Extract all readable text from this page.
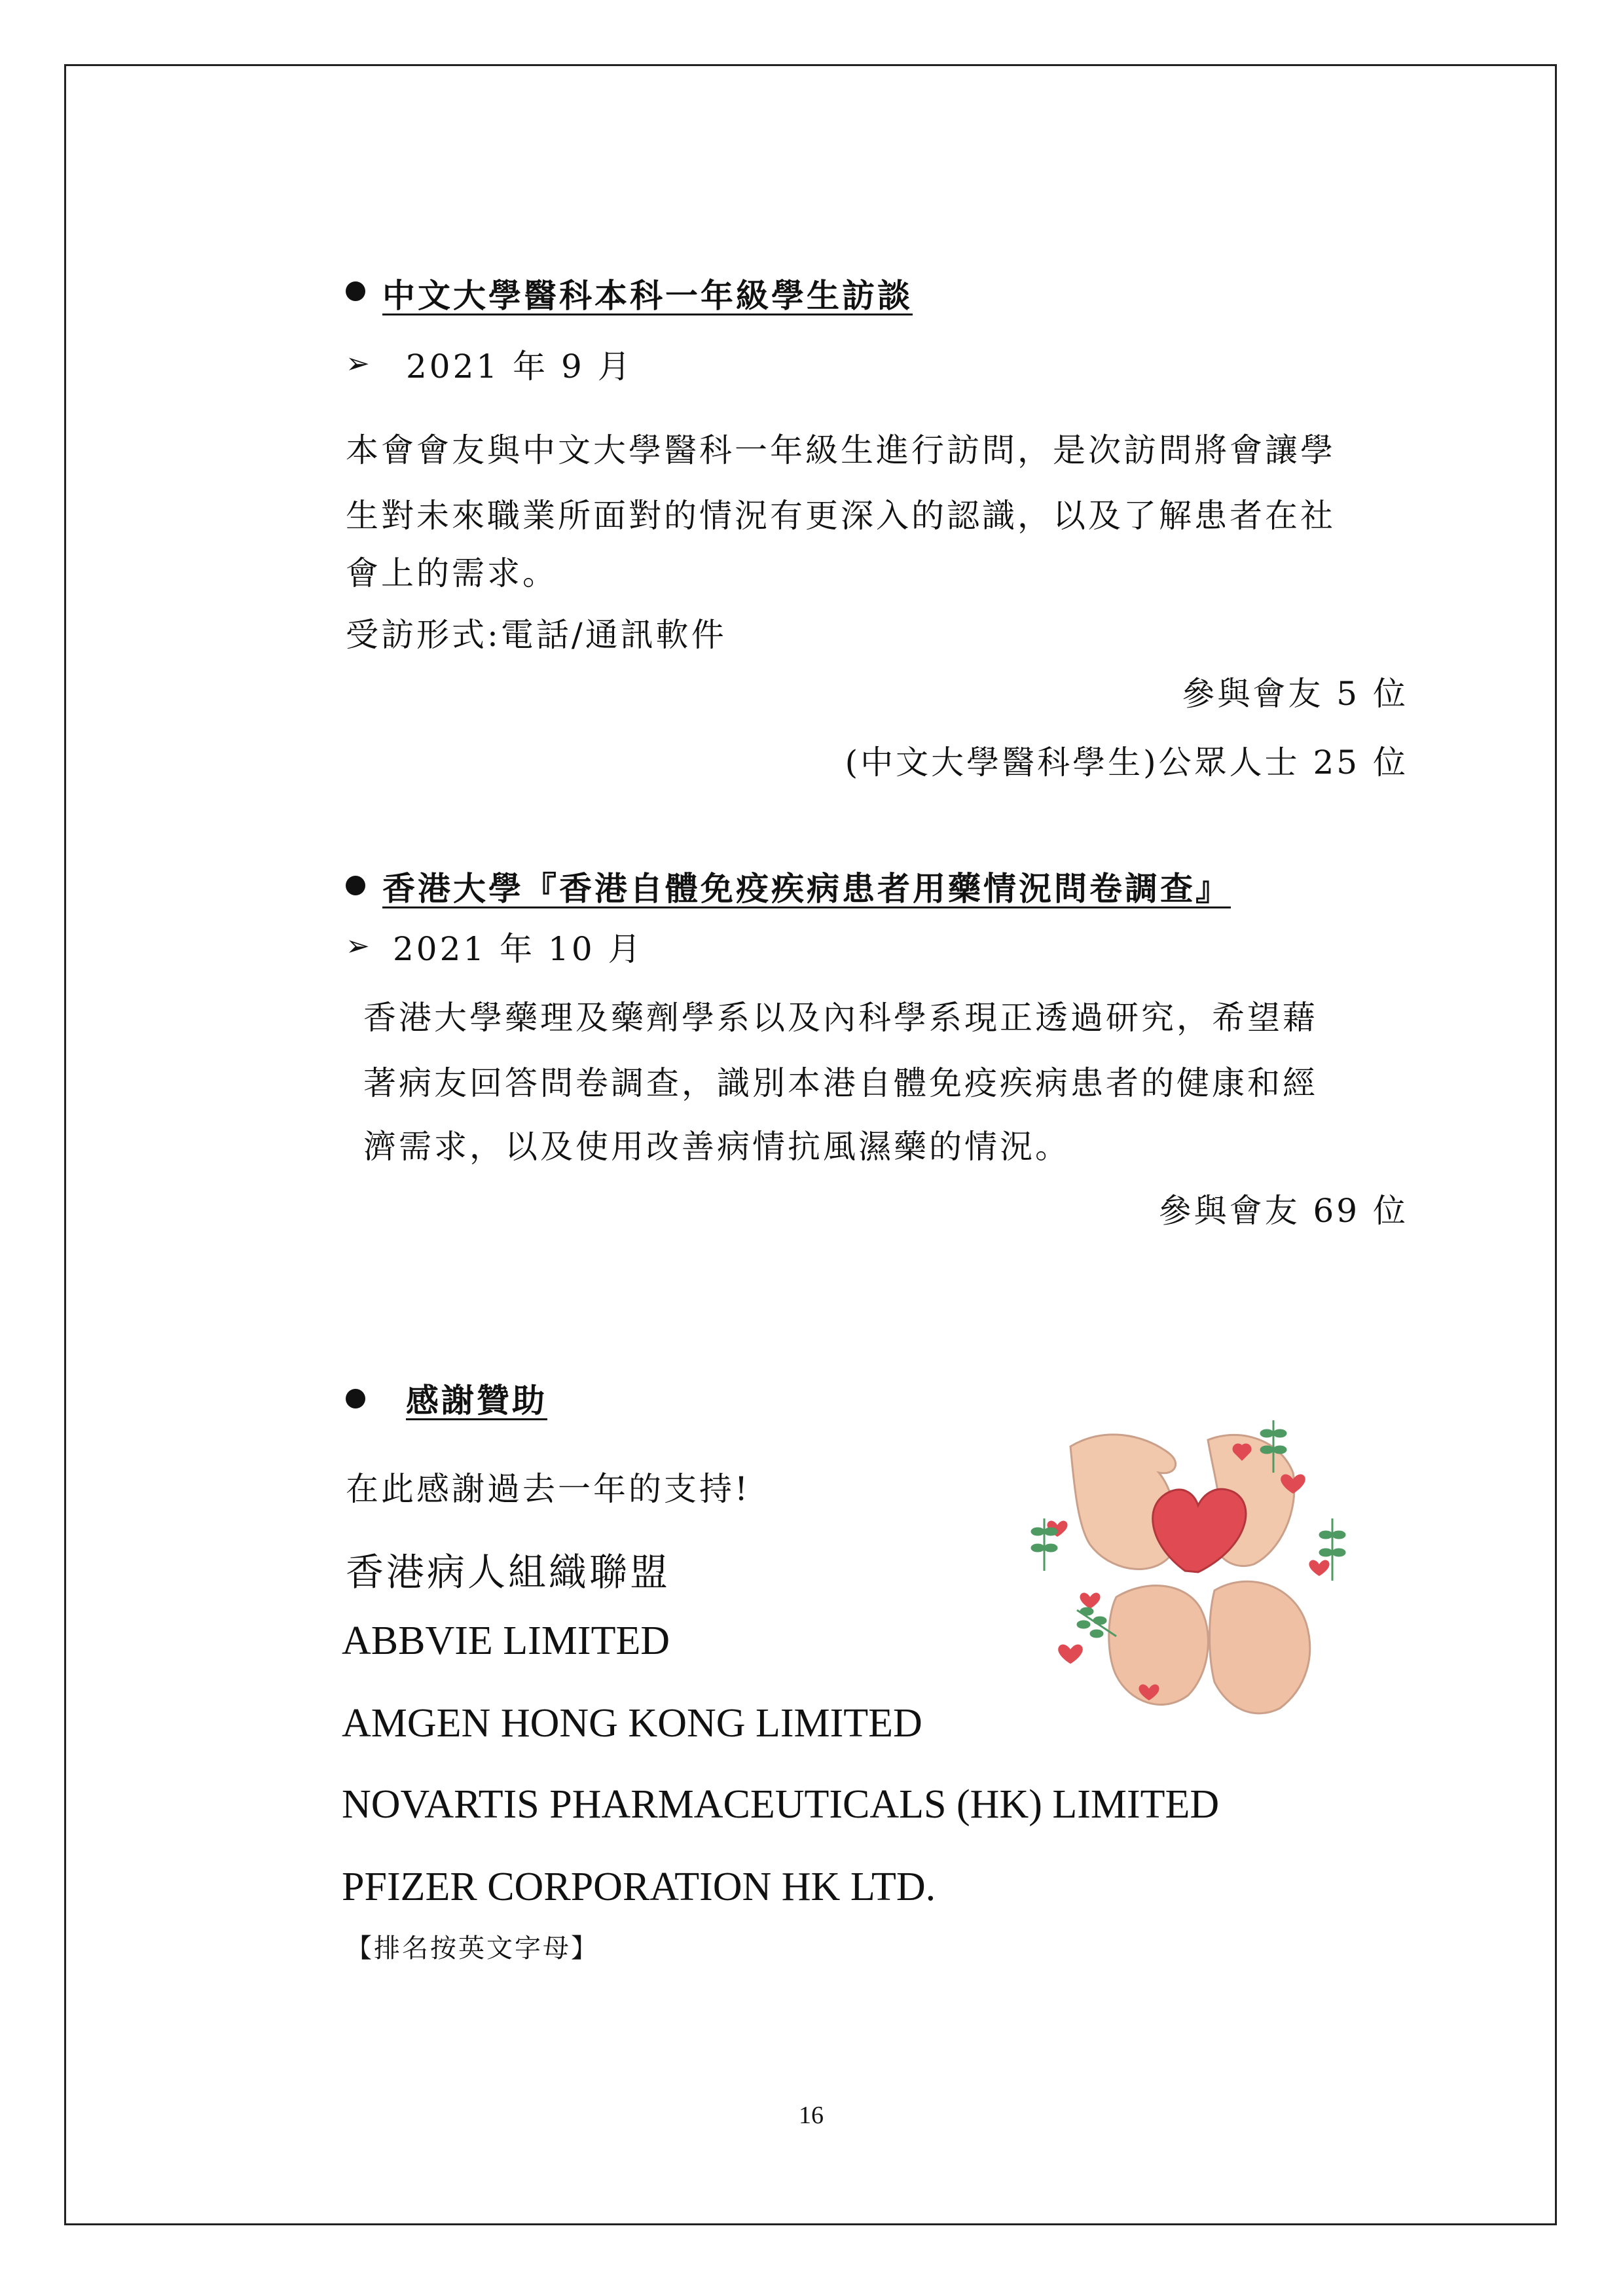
中文大學醫科本科一年級學生訪談
➢ 2021 年 9 月
本會會友與中文大學醫科一年級生進行訪問，是次訪問將會讓學
生對未來職業所面對的情況有更深入的認識，以及了解患者在社
會上的需求。
受訪形式:電話/通訊軟件
參與會友 5 位
(中文大學醫科學生)公眾人士 25 位
香港大學『香港自體免疫疾病患者用藥情況問卷調查』
➢ 2021 年 10 月
香港大學藥理及藥劑學系以及內科學系現正透過研究，希望藉
著病友回答問卷調查，識別本港自體免疫疾病患者的健康和經
濟需求，以及使用改善病情抗風濕藥的情況。
參與會友 69 位
感謝贊助
在此感謝過去一年的支持!
香港病人組織聯盟
ABBVIE LIMITED
AMGEN HONG KONG LIMITED
NOVARTIS PHARMACEUTICALS (HK) LIMITED
PFIZER CORPORATION HK LTD.
【排名按英文字母】
16
